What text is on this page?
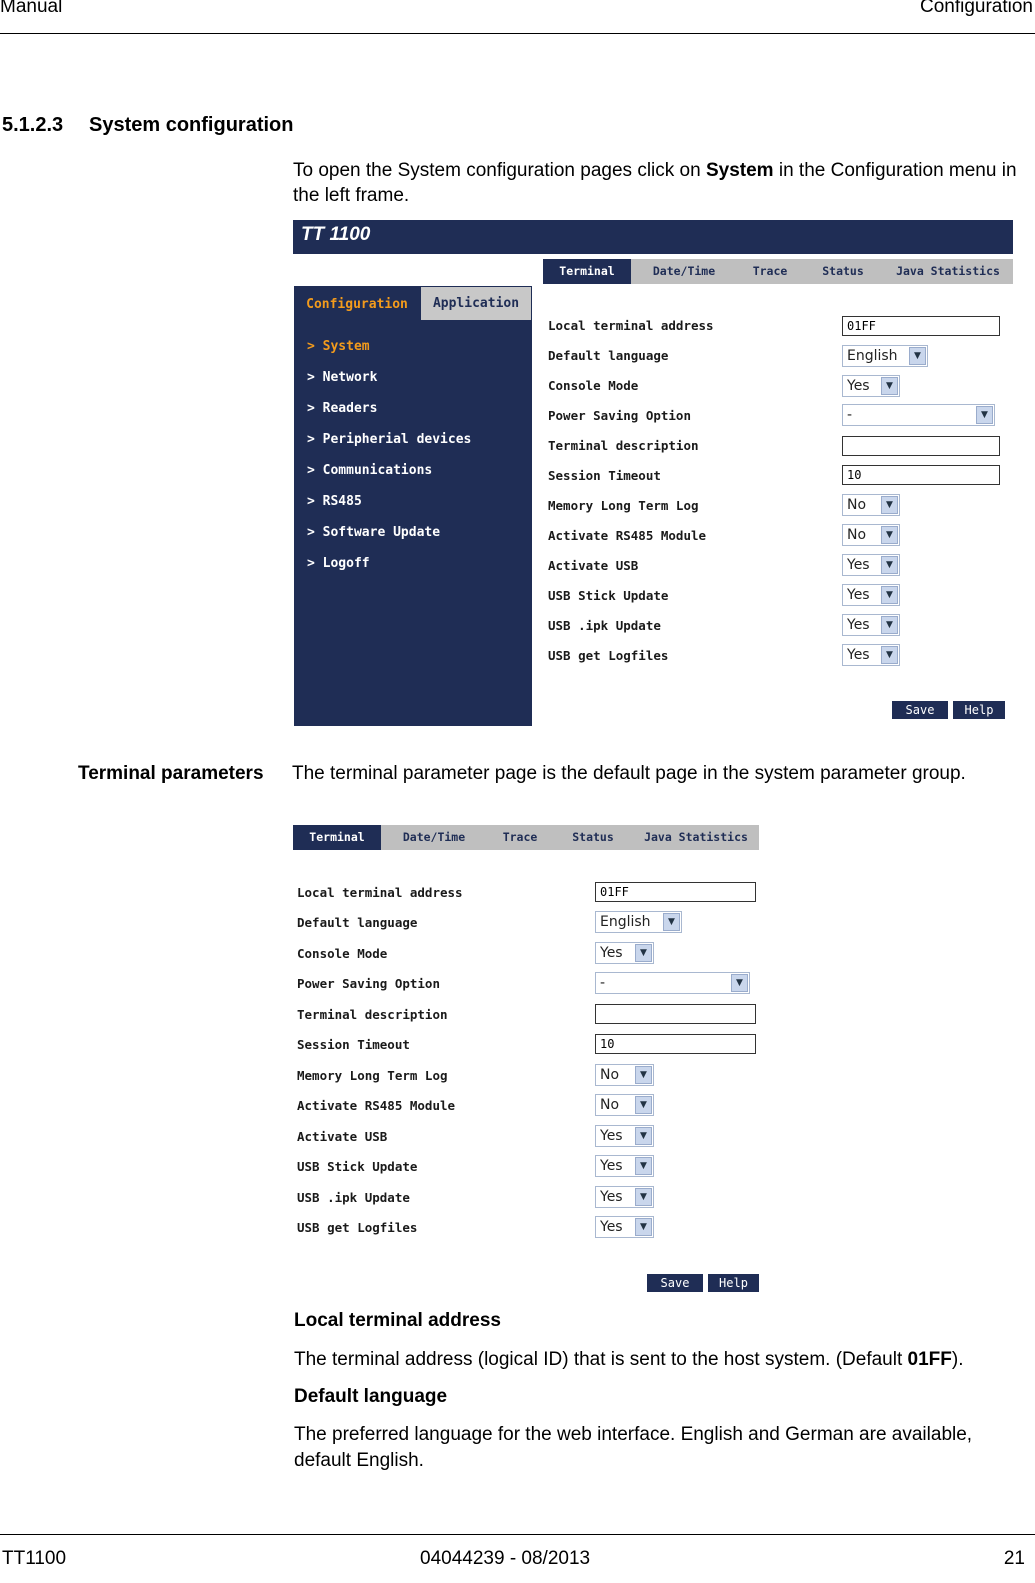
Manual	Configuration
5.1.2.3 System configuration
To open the System configuration pages click on System in the Configuration menu in the left frame.
TT 1100
Terminal	Date/Time	Trace	Status	Java Statistics
Configuration	Application
> System
> Network
> Readers
> Peripherial devices
> Communications
> RS485
> Software Update
> Logoff
Local terminal address	01FF
Default language	English	▼
Console Mode	Yes	▼
Power Saving Option	-	▼
Terminal description
Session Timeout	10
Memory Long Term Log	No	▼
Activate RS485 Module	No	▼
Activate USB	Yes	▼
USB Stick Update	Yes	▼
USB .ipk Update	Yes	▼
USB get Logfiles	Yes	▼
Save	Help
Terminal parameters The terminal parameter page is the default page in the system parameter group.
Terminal	Date/Time	Trace	Status	Java Statistics
Local terminal address	01FF
Default language	English	▼
Console Mode	Yes	▼
Power Saving Option	-	▼
Terminal description
Session Timeout	10
Memory Long Term Log	No	▼
Activate RS485 Module	No	▼
Activate USB	Yes	▼
USB Stick Update	Yes	▼
USB .ipk Update	Yes	▼
USB get Logfiles	Yes	▼
Save	Help
Local terminal address
The terminal address (logical ID) that is sent to the host system. (Default 01FF).
Default language
The preferred language for the web interface. English and German are available, default English.
TT1100	04044239 - 08/2013	21
